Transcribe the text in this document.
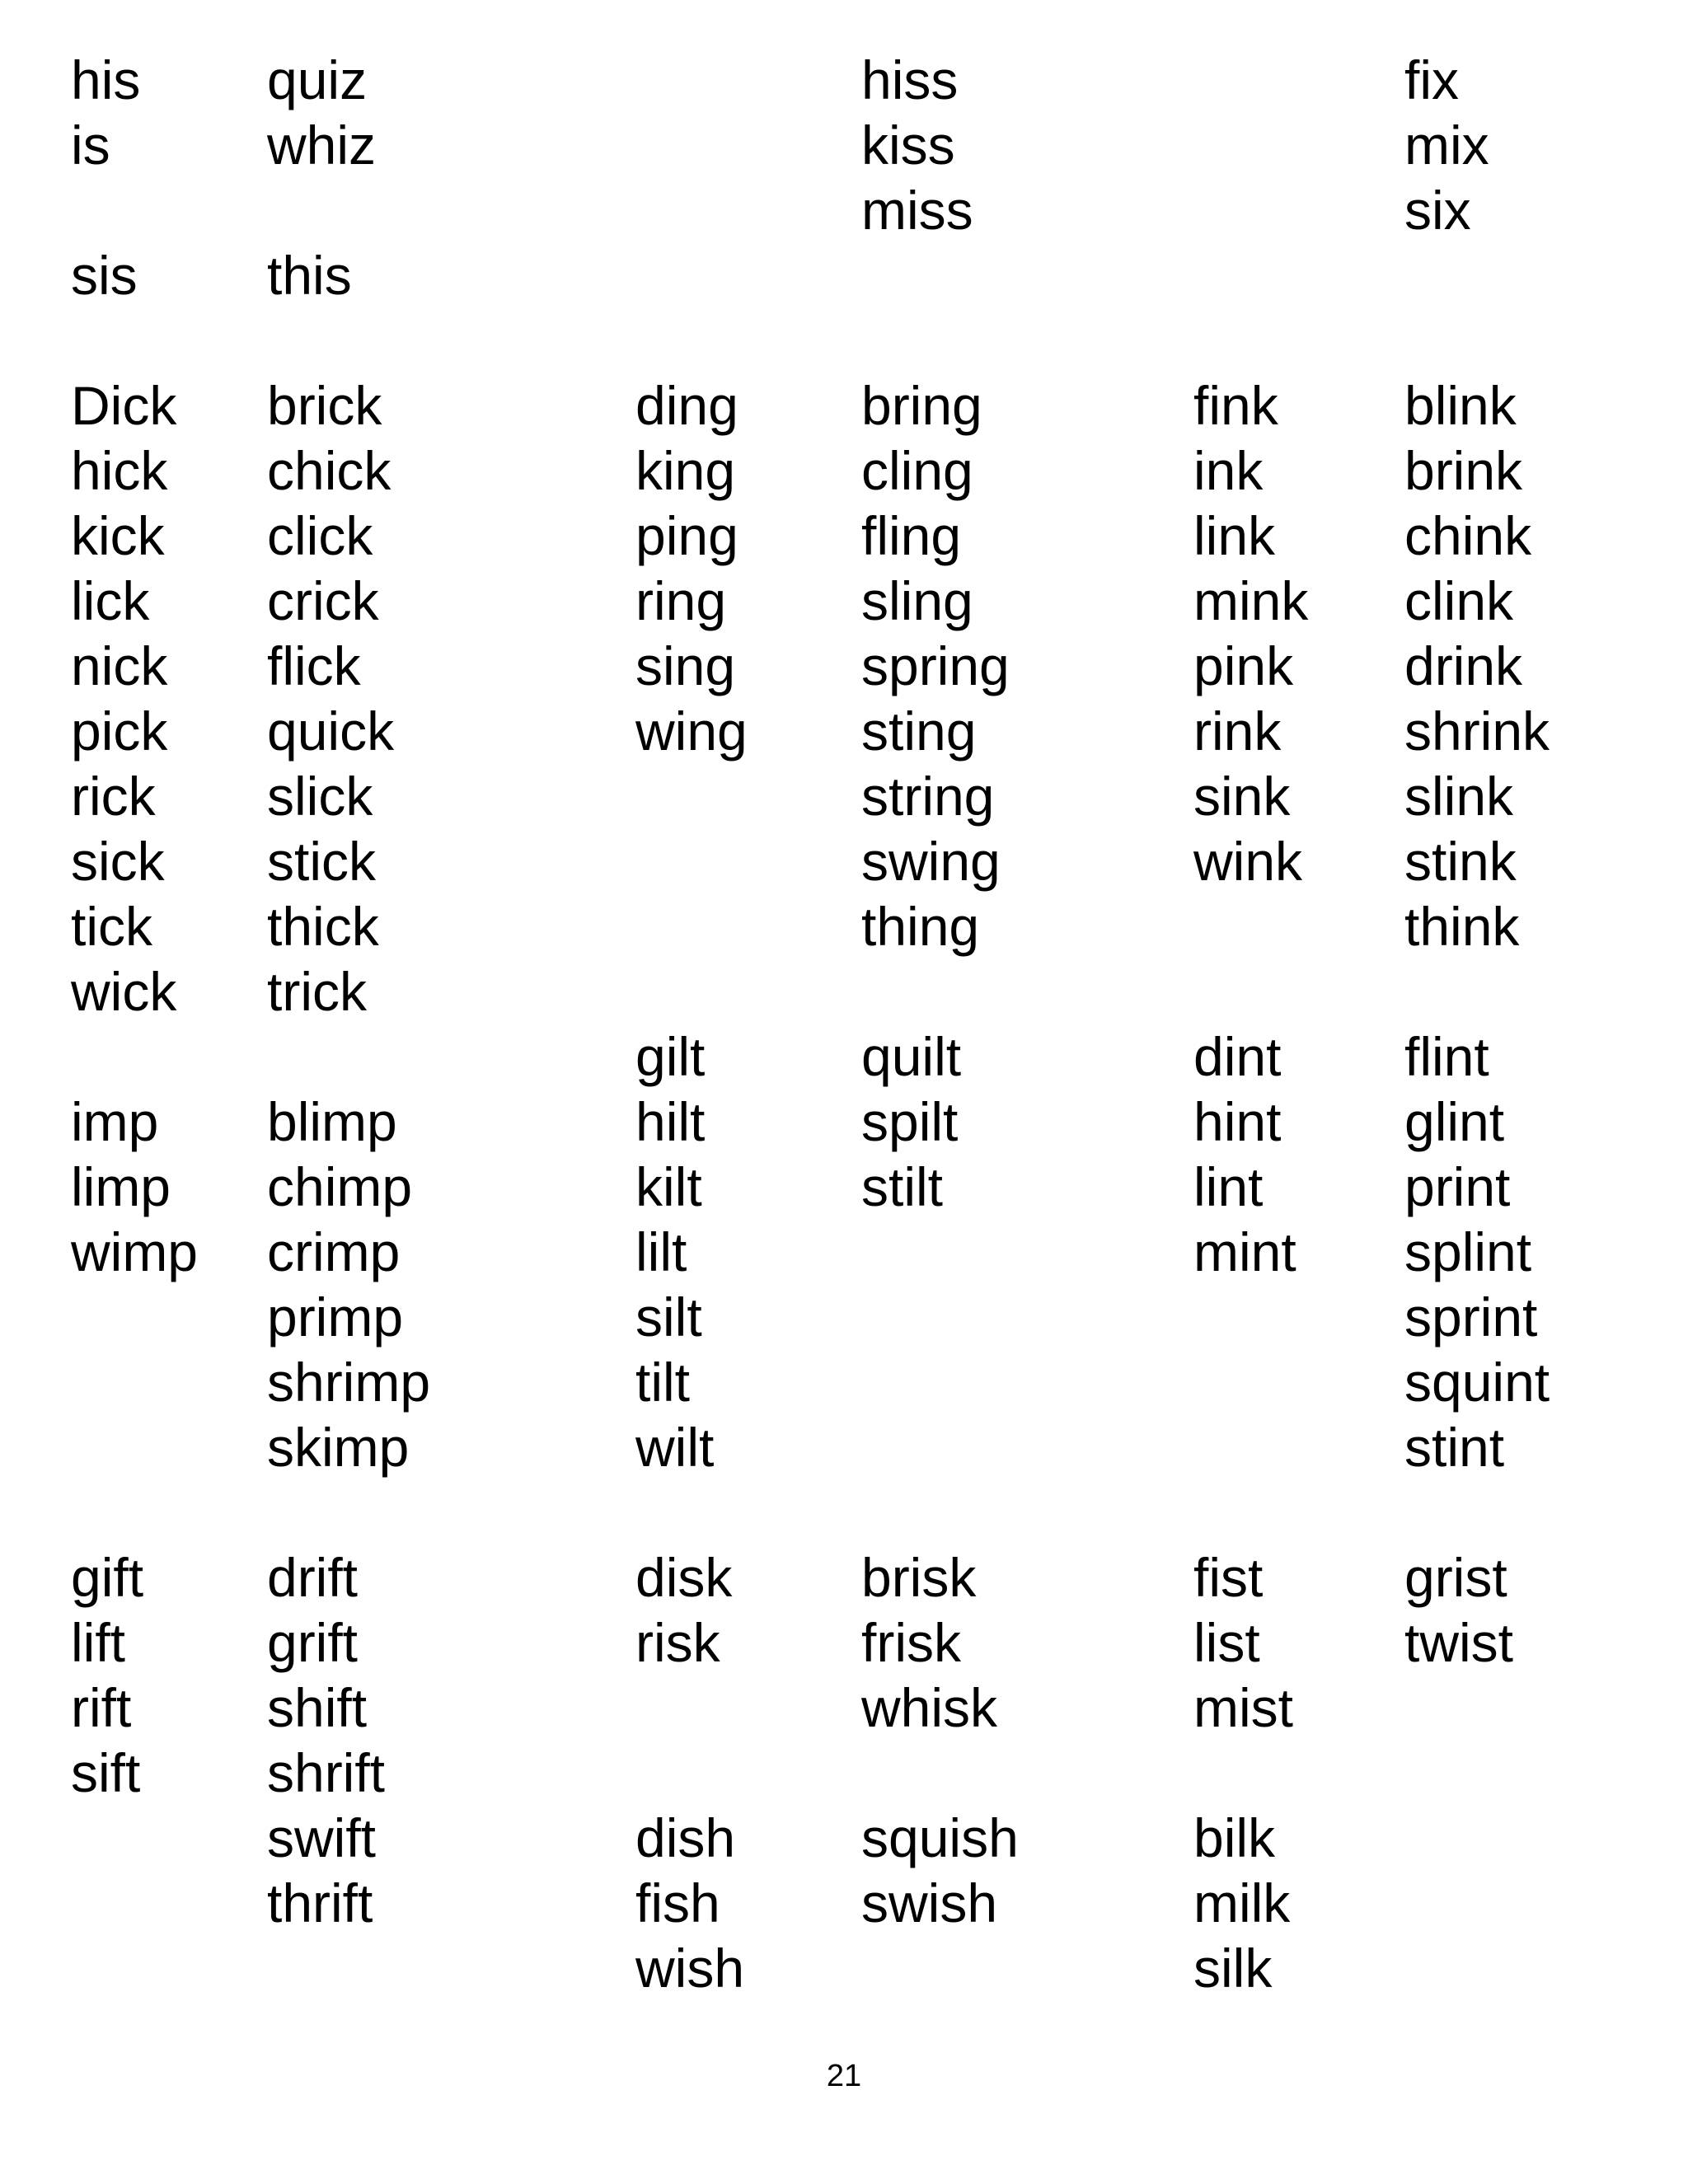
his
is
sis
Dick
hick
kick
lick
nick
pick
rick
sick
tick
wick
imp
limp
wimp
gift
lift
rift
sift
quiz
whiz
this
brick
chick
click
crick
flick
quick
slick
stick
thick
trick
blimp
chimp
crimp
primp
shrimp
skimp
drift
grift
shift
shrift
swift
thrift
ding
king
ping
ring
sing
wing
gilt
hilt
kilt
lilt
silt
tilt
wilt
disk
risk
dish
fish
wish
hiss
kiss
miss
bring
cling
fling
sling
spring
sting
string
swing
thing
quilt
spilt
stilt
brisk
frisk
whisk
squish
swish
fink
ink
link
mink
pink
rink
sink
wink
dint
hint
lint
mint
fist
list
mist
bilk
milk
silk
fix
mix
six
blink
brink
chink
clink
drink
shrink
slink
stink
think
flint
glint
print
splint
sprint
squint
stint
grist
twist
21
